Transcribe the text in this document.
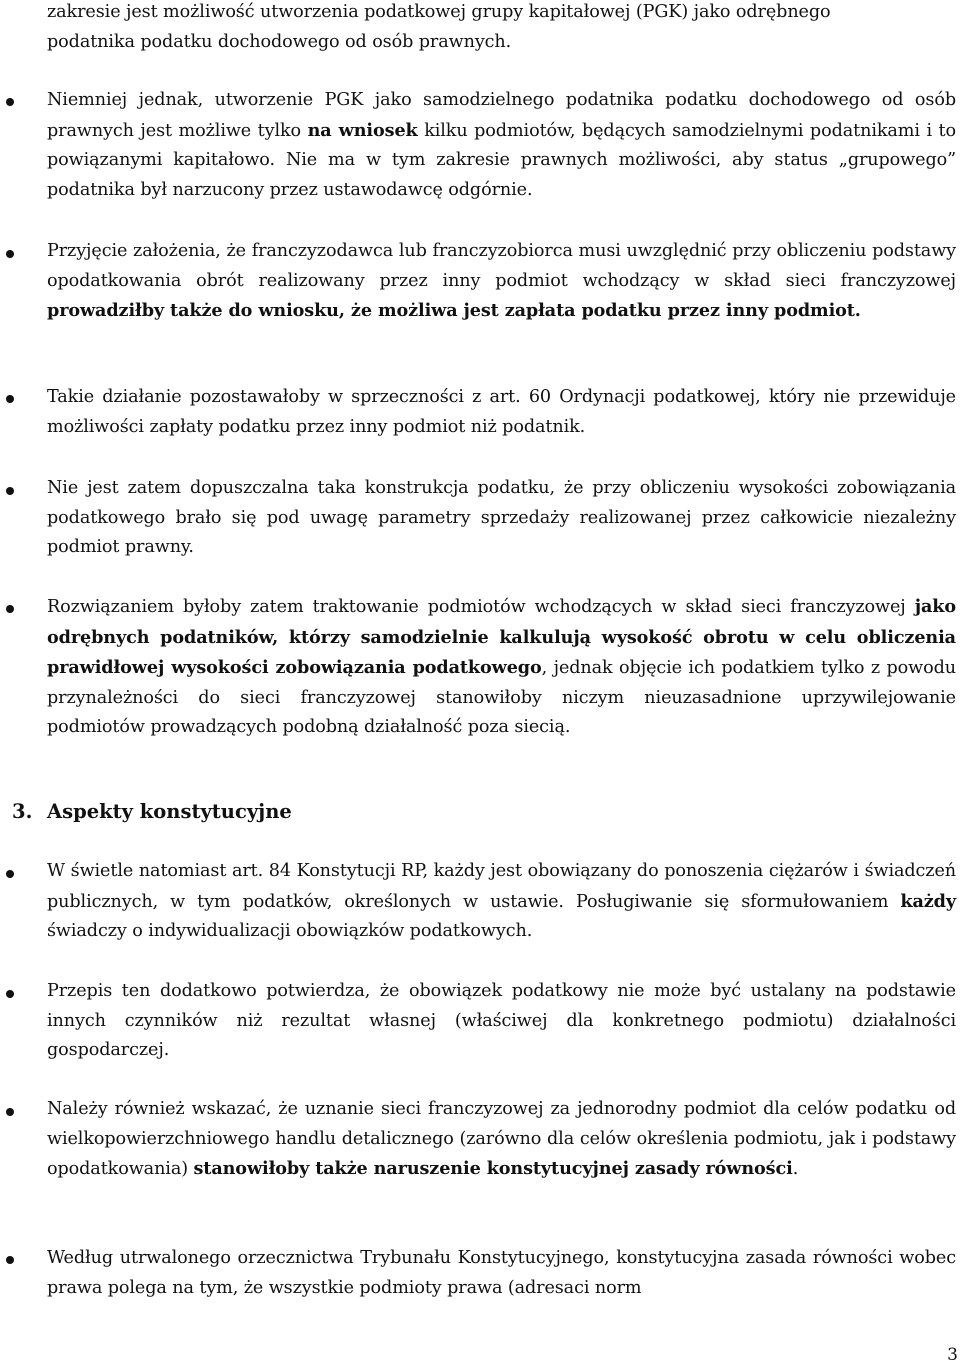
zakresie jest możliwość utworzenia podatkowej grupy kapitałowej (PGK) jako odrębnego
podatnika podatku dochodowego od osób prawnych.
Niemniej jednak, utworzenie PGK jako samodzielnego podatnika podatku dochodowego od osób prawnych jest możliwe tylko na wniosek kilku podmiotów, będących samodzielnymi podatnikami i to powiązanymi kapitałowo. Nie ma w tym zakresie prawnych możliwości, aby status „grupowego” podatnika był narzucony przez ustawodawcę odgórnie.
Przyjęcie założenia, że franczyzodawca lub franczyzobiorca musi uwzględnić przy obliczeniu podstawy opodatkowania obrót realizowany przez inny podmiot wchodzący w skład sieci franczyzowej prowadziłby także do wniosku, że możliwa jest zapłata podatku przez inny podmiot.
Takie działanie pozostawałoby w sprzeczności z art. 60 Ordynacji podatkowej, który nie przewiduje możliwości zapłaty podatku przez inny podmiot niż podatnik.
Nie jest zatem dopuszczalna taka konstrukcja podatku, że przy obliczeniu wysokości zobowiązania podatkowego brało się pod uwagę parametry sprzedaży realizowanej przez całkowicie niezależny podmiot prawny.
Rozwiązaniem byłoby zatem traktowanie podmiotów wchodzących w skład sieci franczyzowej jako odrębnych podatników, którzy samodzielnie kalkulują wysokość obrotu w celu obliczenia prawidłowej wysokości zobowiązania podatkowego, jednak objęcie ich podatkiem tylko z powodu przynależności do sieci franczyzowej stanowiłoby niczym nieuzasadnione uprzywilejowanie podmiotów prowadzących podobną działalność poza siecią.
3. Aspekty konstytucyjne
W świetle natomiast art. 84 Konstytucji RP, każdy jest obowiązany do ponoszenia ciężarów i świadczeń publicznych, w tym podatków, określonych w ustawie. Posługiwanie się sformułowaniem każdy świadczy o indywidualizacji obowiązków podatkowych.
Przepis ten dodatkowo potwierdza, że obowiązek podatkowy nie może być ustalany na podstawie innych czynników niż rezultat własnej (właściwej dla konkretnego podmiotu) działalności gospodarczej.
Należy również wskazać, że uznanie sieci franczyzowej za jednorodny podmiot dla celów podatku od wielkopowierzchniowego handlu detalicznego (zarówno dla celów określenia podmiotu, jak i podstawy opodatkowania) stanowiłoby także naruszenie konstytucyjnej zasady równości.
Według utrwalonego orzecznictwa Trybunału Konstytucyjnego, konstytucyjna zasada równości wobec prawa polega na tym, że wszystkie podmioty prawa (adresaci norm
3
